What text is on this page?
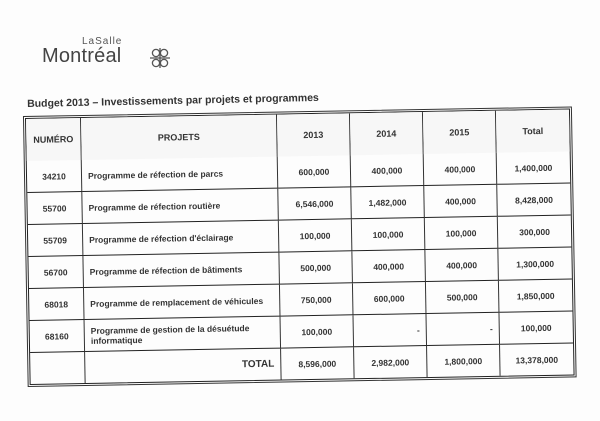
LaSalle
Montréal
Budget 2013 – Investissements par projets et programmes
NUMÉRO	PROJETS	2013	2014	2015	Total
34210	Programme de réfection de parcs	600,000	400,000	400,000	1,400,000
55700	Programme de réfection routière	6,546,000	1,482,000	400,000	8,428,000
55709	Programme de réfection d'éclairage	100,000	100,000	100,000	300,000
56700	Programme de réfection de bâtiments	500,000	400,000	400,000	1,300,000
68018	Programme de remplacement de véhicules	750,000	600,000	500,000	1,850,000
68160	Programme de gestion de la désuétude informatique	100,000	-	-	100,000
	TOTAL	8,596,000	2,982,000	1,800,000	13,378,000
